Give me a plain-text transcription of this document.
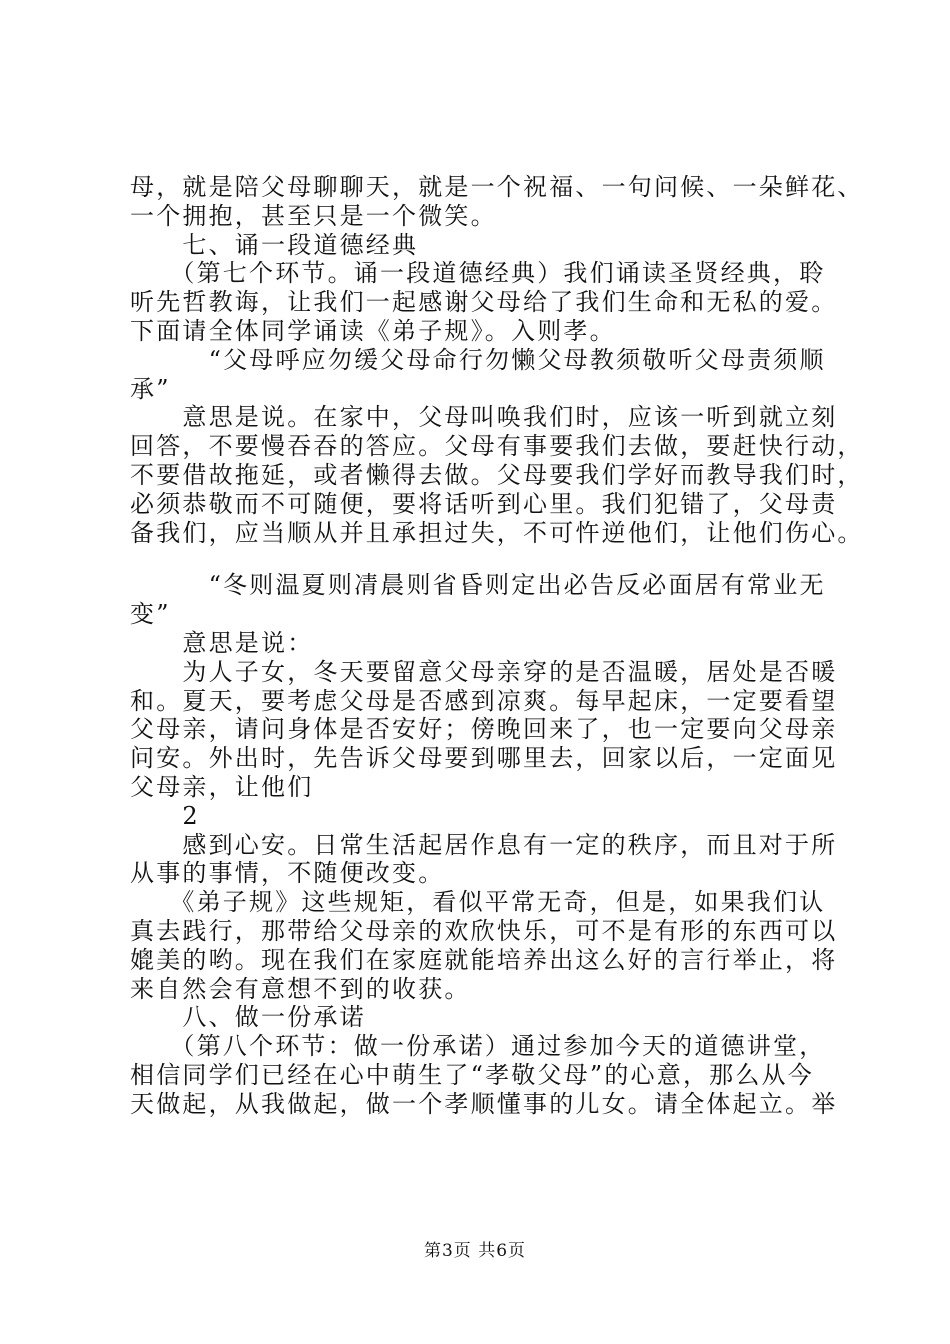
母，就是陪父母聊聊天，就是一个祝福、一句问候、一朵鲜花、
一个拥抱，甚至只是一个微笑。
　　七、诵一段道德经典
　　（第七个环节。诵一段道德经典）我们诵读圣贤经典，聆
听先哲教诲，让我们一起感谢父母给了我们生命和无私的爱。
下面请全体同学诵读《弟子规》。入则孝。
　　　“父母呼应勿缓父母命行勿懒父母教须敬听父母责须顺
承”
　　意思是说。在家中，父母叫唤我们时，应该一听到就立刻
回答，不要慢吞吞的答应。父母有事要我们去做，要赶快行动，
不要借故拖延，或者懒得去做。父母要我们学好而教导我们时，
必须恭敬而不可随便，要将话听到心里。我们犯错了，父母责
备我们，应当顺从并且承担过失，不可忤逆他们，让他们伤心。
　　　“冬则温夏则凊晨则省昏则定出必告反必面居有常业无
变”
　　意思是说：
　　为人子女，冬天要留意父母亲穿的是否温暖，居处是否暖
和。夏天，要考虑父母是否感到凉爽。每早起床，一定要看望
父母亲，请问身体是否安好；傍晚回来了，也一定要向父母亲
问安。外出时，先告诉父母要到哪里去，回家以后，一定面见
父母亲，让他们
　　2
　　感到心安。日常生活起居作息有一定的秩序，而且对于所
从事的事情，不随便改变。
　　《弟子规》这些规矩，看似平常无奇，但是，如果我们认
真去践行，那带给父母亲的欢欣快乐，可不是有形的东西可以
媲美的哟。现在我们在家庭就能培养出这么好的言行举止，将
来自然会有意想不到的收获。
　　八、做一份承诺
　　（第八个环节：做一份承诺）通过参加今天的道德讲堂，
相信同学们已经在心中萌生了“孝敬父母”的心意，那么从今
天做起，从我做起，做一个孝顺懂事的儿女。请全体起立。举
第3页 共6页
